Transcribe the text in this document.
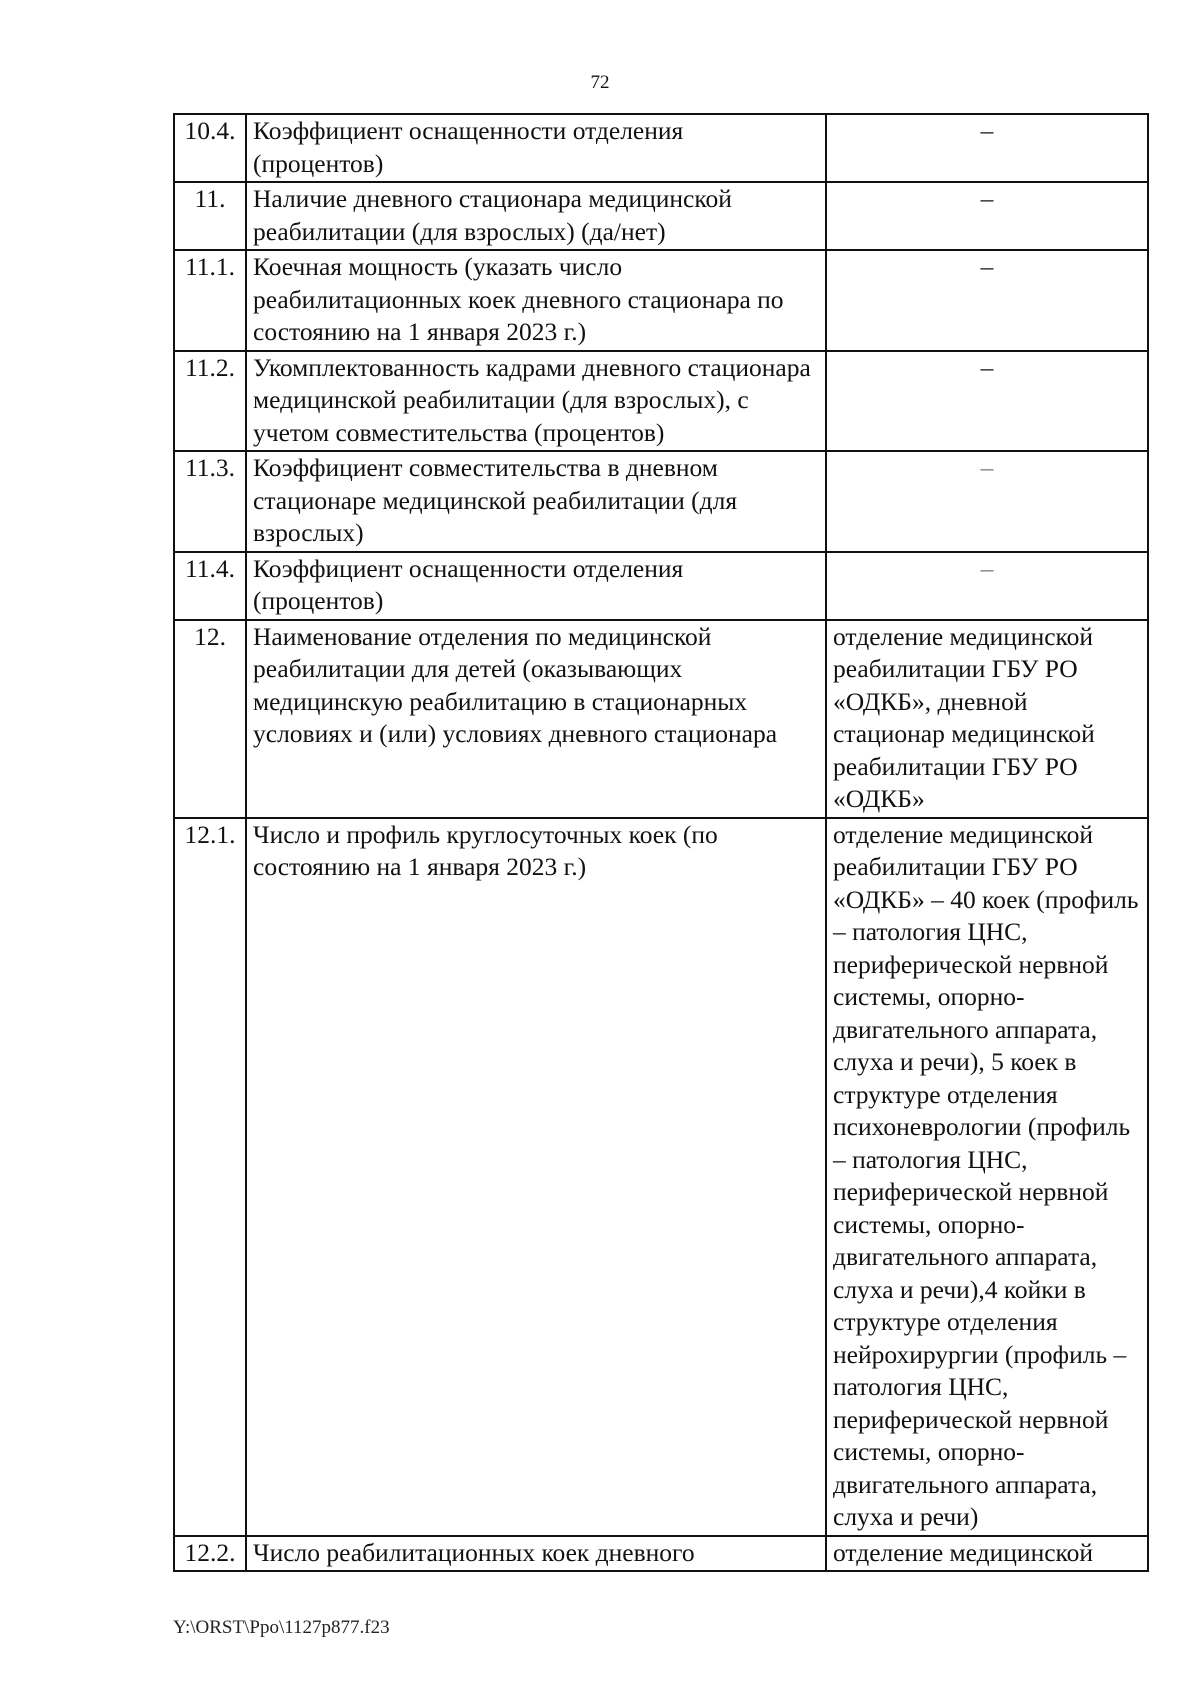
72
10.4.	Коэффициент оснащенности отделения (процентов)	–
11.	Наличие дневного стационара медицинской реабилитации (для взрослых) (да/нет)	–
11.1.	Коечная мощность (указать число реабилитационных коек дневного стационара по состоянию на 1 января 2023 г.)	–
11.2.	Укомплектованность кадрами дневного стационара медицинской реабилитации (для взрослых), с учетом совместительства (процентов)	–
11.3.	Коэффициент совместительства в дневном стационаре медицинской реабилитации (для взрослых)	–
11.4.	Коэффициент оснащенности отделения (процентов)	–
12.	Наименование отделения по медицинской реабилитации для детей (оказывающих медицинскую реабилитацию в стационарных условиях и (или) условиях дневного стационара	отделение медицинской реабилитации ГБУ РО «ОДКБ», дневной стационар медицинской реабилитации ГБУ РО «ОДКБ»
12.1.	Число и профиль круглосуточных коек (по состоянию на 1 января 2023 г.)	отделение медицинской реабилитации ГБУ РО «ОДКБ» – 40 коек (профиль – патология ЦНС, периферической нервной системы, опорно-двигательного аппарата, слуха и речи), 5 коек в структуре отделения психоневрологии (профиль – патология ЦНС, периферической нервной системы, опорно-двигательного аппарата, слуха и речи),4 койки в структуре отделения нейрохирургии (профиль – патология ЦНС, периферической нервной системы, опорно-двигательного аппарата, слуха и речи)
12.2.	Число реабилитационных коек дневного	отделение медицинской
Y:\ORST\Ppo\1127p877.f23
